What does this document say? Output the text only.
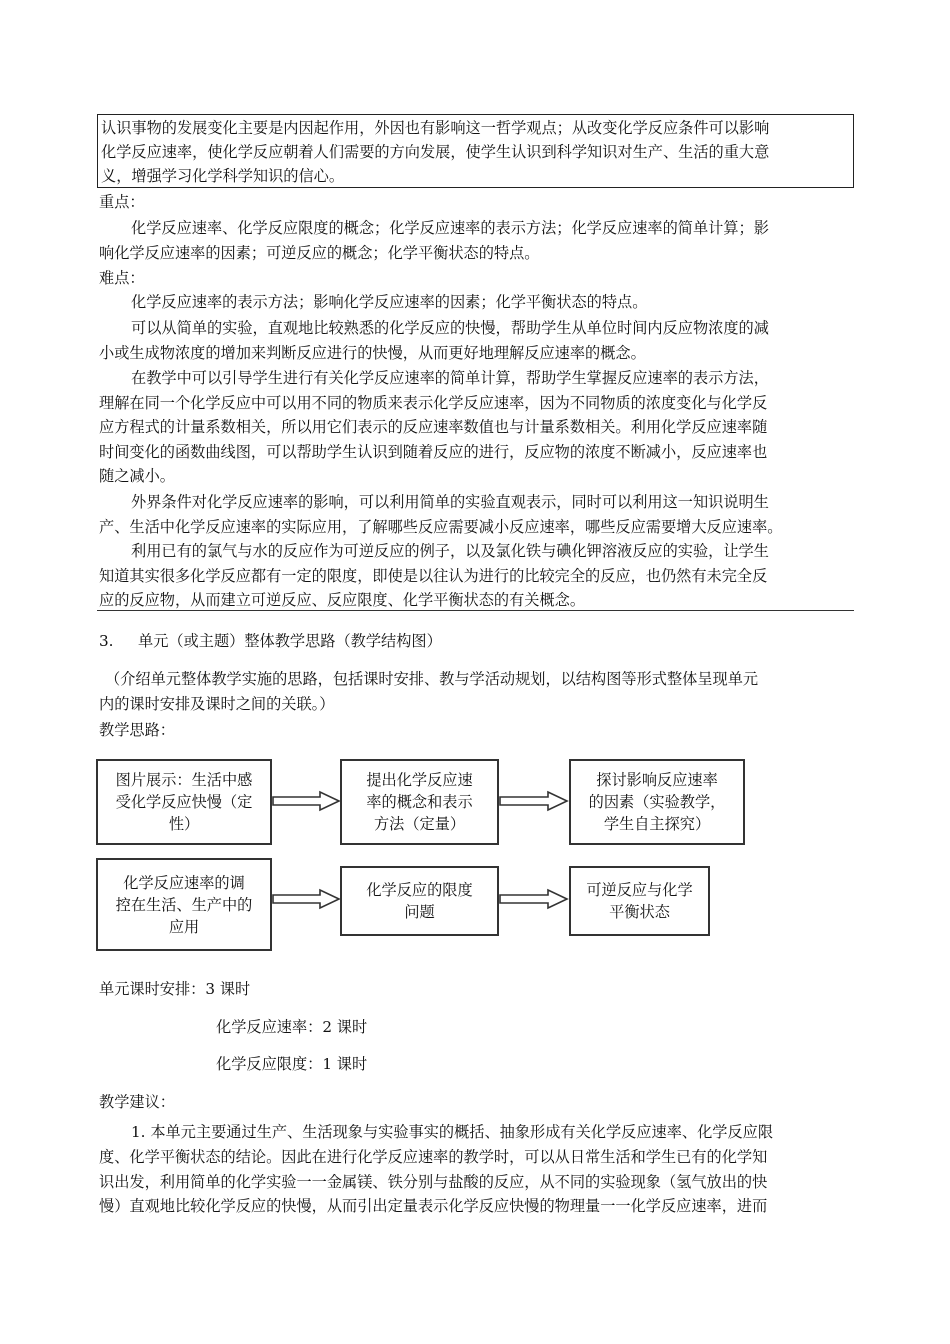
认识事物的发展变化主要是内因起作用，外因也有影响这一哲学观点；从改变化学反应条件可以影响
化学反应速率，使化学反应朝着人们需要的方向发展，使学生认识到科学知识对生产、生活的重大意
义，增强学习化学科学知识的信心。
重点：
化学反应速率、化学反应限度的概念；化学反应速率的表示方法；化学反应速率的简单计算；影
响化学反应速率的因素；可逆反应的概念；化学平衡状态的特点。
难点：
化学反应速率的表示方法；影响化学反应速率的因素；化学平衡状态的特点。
可以从简单的实验，直观地比较熟悉的化学反应的快慢，帮助学生从单位时间内反应物浓度的减
小或生成物浓度的增加来判断反应进行的快慢，从而更好地理解反应速率的概念。
在教学中可以引导学生进行有关化学反应速率的简单计算，帮助学生掌握反应速率的表示方法，
理解在同一个化学反应中可以用不同的物质来表示化学反应速率，因为不同物质的浓度变化与化学反
应方程式的计量系数相关，所以用它们表示的反应速率数值也与计量系数相关。利用化学反应速率随
时间变化的函数曲线图，可以帮助学生认识到随着反应的进行，反应物的浓度不断减小，反应速率也
随之减小。
外界条件对化学反应速率的影响，可以利用简单的实验直观表示，同时可以利用这一知识说明生
产、生活中化学反应速率的实际应用，了解哪些反应需要减小反应速率，哪些反应需要增大反应速率。
利用已有的氯气与水的反应作为可逆反应的例子，以及氯化铁与碘化钾溶液反应的实验，让学生
知道其实很多化学反应都有一定的限度，即使是以往认为进行的比较完全的反应，也仍然有未完全反
应的反应物，从而建立可逆反应、反应限度、化学平衡状态的有关概念。
3. 单元（或主题）整体教学思路（教学结构图）
（介绍单元整体教学实施的思路，包括课时安排、教与学活动规划，以结构图等形式整体呈现单元
内的课时安排及课时之间的关联。）
教学思路：
图片展示：生活中感
受化学反应快慢（定
性）
提出化学反应速
率的概念和表示
方法（定量）
探讨影响反应速率
的因素（实验教学，
学生自主探究）
化学反应速率的调
控在生活、生产中的
应用
化学反应的限度
问题
可逆反应与化学
平衡状态
单元课时安排：3 课时
化学反应速率：2 课时
化学反应限度：1 课时
教学建议：
1. 本单元主要通过生产、生活现象与实验事实的概括、抽象形成有关化学反应速率、化学反应限
度、化学平衡状态的结论。因此在进行化学反应速率的教学时，可以从日常生活和学生已有的化学知
识出发，利用简单的化学实验一一金属镁、铁分别与盐酸的反应，从不同的实验现象（氢气放出的快
慢）直观地比较化学反应的快慢，从而引出定量表示化学反应快慢的物理量一一化学反应速率，进而
